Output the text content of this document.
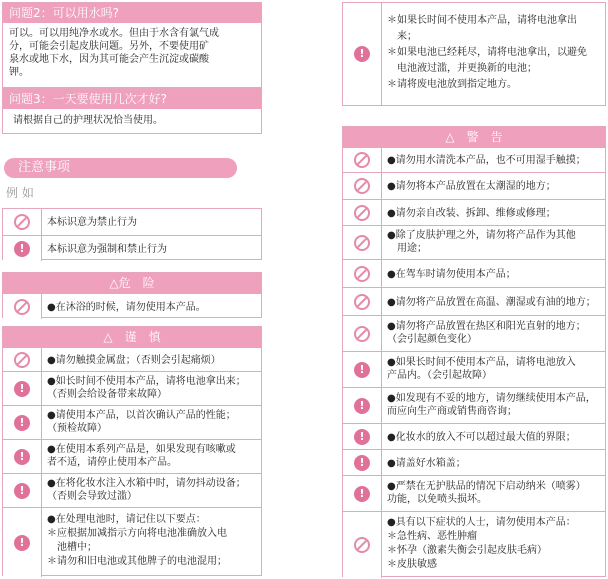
问题2：可以用水吗?
可以。可以用纯净水或水。但由于水含有氯气成
分，可能会引起皮肤问题。另外，不要使用矿
泉水或地下水，因为其可能会产生沉淀或碳酸
钾。
问题3：一天要使用几次才好?
请根据自己的护理状况恰当使用。
注意事项
例 如
本标识意为禁止行为
!
本标识意为强制和禁止行为
△危　险
●在沐浴的时候，请勿使用本产品。
△　谨　慎
●请勿触摸金属盘；（否则会引起痛烦）
!
●如长时间不使用本产品，请将电池拿出来；
（否则会给设备带来故障）
!
●请使用本产品，以首次确认产品的性能；
（预检故障）
!
●在使用本系列产品是，如果发现有咳嗽或
者不适，请停止使用本产品。
!
●在将化妆水注入水箱中时，请勿抖动设备；
（否则会导致过滥）
!
●在处理电池时，请记住以下要点：
＊应根据加减指示方向将电池准确放入电
　池槽中；
＊请勿和旧电池或其他牌子的电池混用；
!
＊如果长时间不使用本产品，请将电池拿出
　来；
＊如果电池已经耗尽，请将电池拿出，以避免
　电池液过滥，并更换新的电池；
＊请将废电池放到指定地方。
△　警　告
●请勿用水清洗本产品，也不可用湿手触摸；
●请勿将本产品放置在太潮湿的地方；
●请勿亲自改装、拆卸、维修或修理；
●除了皮肤护理之外，请勿将产品作为其他
　用途；
●在驾车时请勿使用本产品；
●请勿将产品放置在高温、潮湿或有油的地方；
●请勿将产品放置在热区和阳光直射的地方；
（会引起颜色变化）
!
●如果长时间不使用本产品，请将电池放入
产品内。（会引起故障）
!
●如发现有不妥的地方，请勿继续使用本产品，
而应向生产商或销售商咨询；
!
●化妆水的放入不可以超过最大值的界限；
!
●请盖好水箱盖；
!
●严禁在无护肤品的情况下启动纳米（喷雾）
功能，以免喷头损坏。
●具有以下症状的人士，请勿使用本产品：
＊急性病、恶性肿瘤
＊怀孕（激素失衡会引起皮肤毛病）
＊皮肤敏感
